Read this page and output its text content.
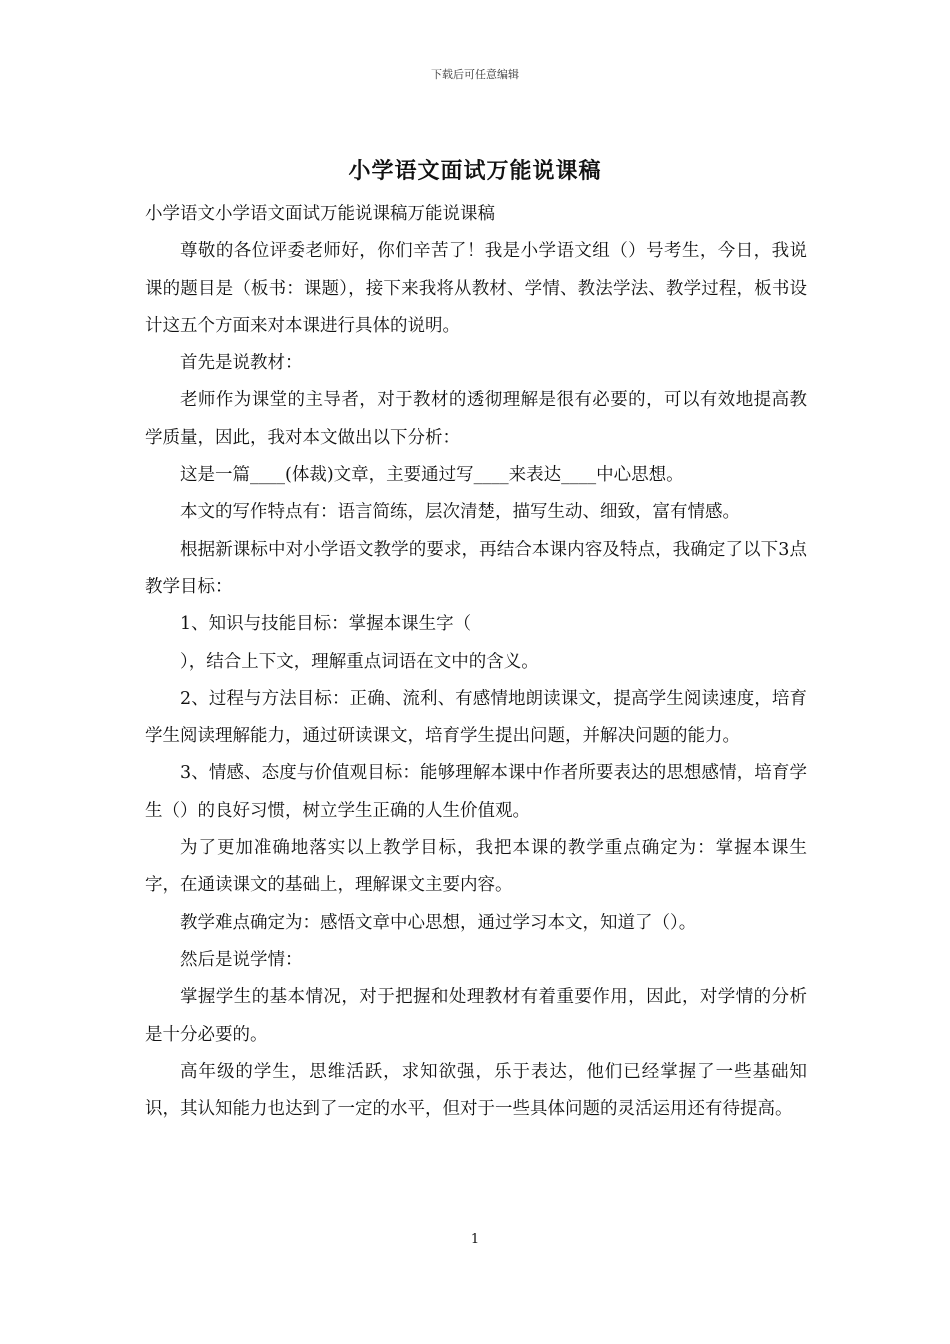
下载后可任意编辑
小学语文面试万能说课稿

小学语文小学语文面试万能说课稿万能说课稿

尊敬的各位评委老师好，你们辛苦了！我是小学语文组（）号考生，今日，我说课的题目是（板书：课题），接下来我将从教材、学情、教法学法、教学过程，板书设计这五个方面来对本课进行具体的说明。

首先是说教材：

老师作为课堂的主导者，对于教材的透彻理解是很有必要的，可以有效地提高教学质量，因此，我对本文做出以下分析：

这是一篇____(体裁)文章，主要通过写____来表达____中心思想。

本文的写作特点有：语言简练，层次清楚，描写生动、细致，富有情感。

根据新课标中对小学语文教学的要求，再结合本课内容及特点，我确定了以下3点教学目标：

1、知识与技能目标：掌握本课生字（

），结合上下文，理解重点词语在文中的含义。

2、过程与方法目标：正确、流利、有感情地朗读课文，提高学生阅读速度，培育学生阅读理解能力，通过研读课文，培育学生提出问题，并解决问题的能力。

3、情感、态度与价值观目标：能够理解本课中作者所要表达的思想感情，培育学生（）的良好习惯，树立学生正确的人生价值观。

为了更加准确地落实以上教学目标，我把本课的教学重点确定为：掌握本课生字，在通读课文的基础上，理解课文主要内容。

教学难点确定为：感悟文章中心思想，通过学习本文，知道了（）。

然后是说学情：

掌握学生的基本情况，对于把握和处理教材有着重要作用，因此，对学情的分析是十分必要的。

高年级的学生，思维活跃，求知欲强，乐于表达，他们已经掌握了一些基础知识，其认知能力也达到了一定的水平，但对于一些具体问题的灵活运用还有待提高。

1
